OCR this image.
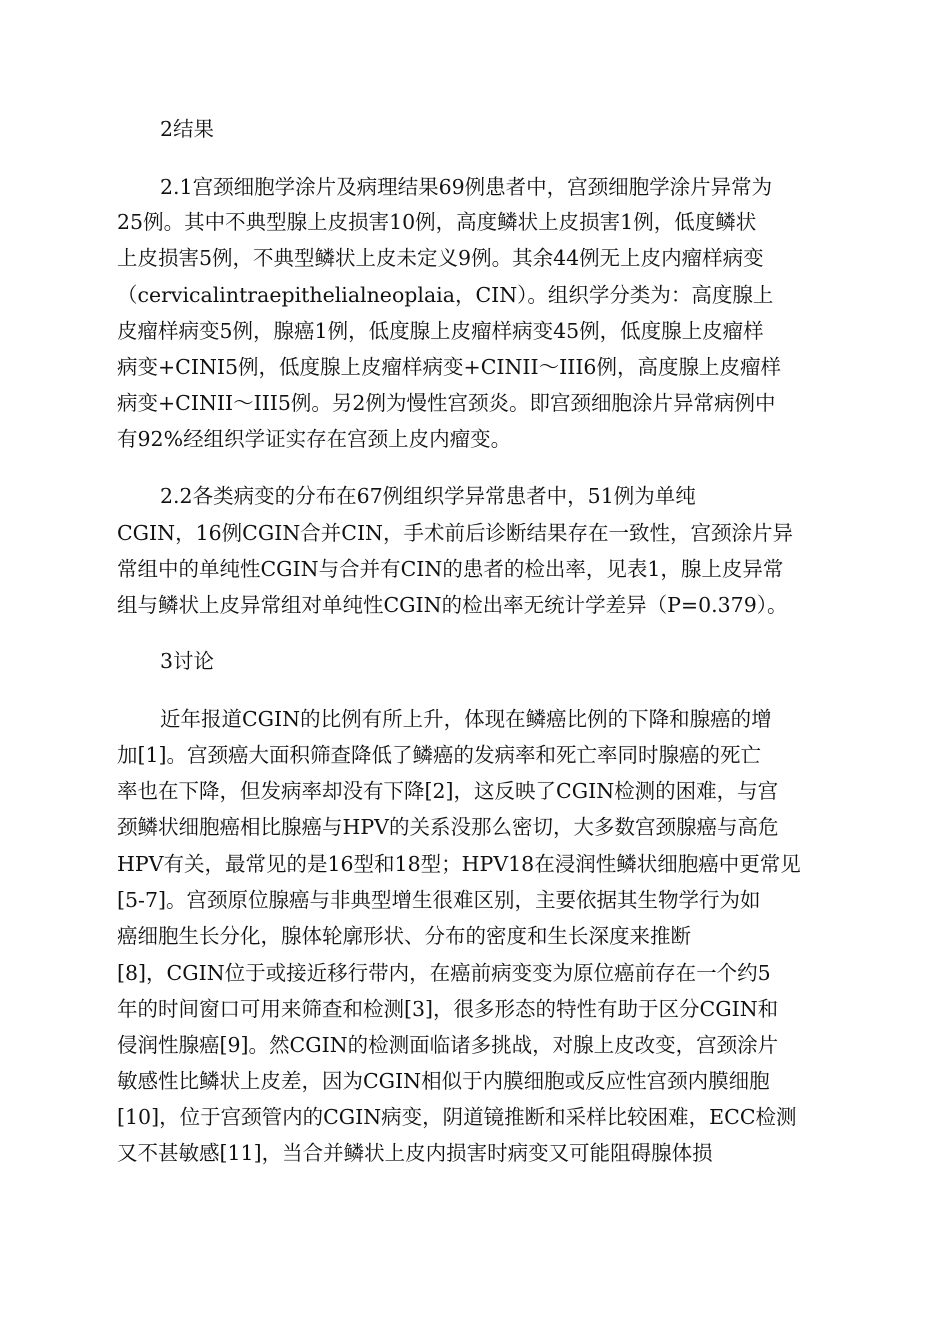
2结果
2.1宫颈细胞学涂片及病理结果69例患者中，宫颈细胞学涂片异常为
25例。其中不典型腺上皮损害10例，高度鳞状上皮损害1例，低度鳞状
上皮损害5例，不典型鳞状上皮未定义9例。其余44例无上皮内瘤样病变
（cervicalintraepithelialneoplaia，CIN）。组织学分类为：高度腺上
皮瘤样病变5例，腺癌1例，低度腺上皮瘤样病变45例，低度腺上皮瘤样
病变+CINI5例，低度腺上皮瘤样病变+CINII～III6例，高度腺上皮瘤样
病变+CINII～III5例。另2例为慢性宫颈炎。即宫颈细胞涂片异常病例中
有92%经组织学证实存在宫颈上皮内瘤变。
2.2各类病变的分布在67例组织学异常患者中，51例为单纯
CGIN，16例CGIN合并CIN，手术前后诊断结果存在一致性，宫颈涂片异
常组中的单纯性CGIN与合并有CIN的患者的检出率，见表1，腺上皮异常
组与鳞状上皮异常组对单纯性CGIN的检出率无统计学差异（P=0.379）。
3讨论
近年报道CGIN的比例有所上升，体现在鳞癌比例的下降和腺癌的增
加[1]。宫颈癌大面积筛查降低了鳞癌的发病率和死亡率同时腺癌的死亡
率也在下降，但发病率却没有下降[2]，这反映了CGIN检测的困难，与宫
颈鳞状细胞癌相比腺癌与HPV的关系没那么密切，大多数宫颈腺癌与高危
HPV有关，最常见的是16型和18型；HPV18在浸润性鳞状细胞癌中更常见
[5-7]。宫颈原位腺癌与非典型增生很难区别，主要依据其生物学行为如
癌细胞生长分化，腺体轮廓形状、分布的密度和生长深度来推断
[8]，CGIN位于或接近移行带内，在癌前病变变为原位癌前存在一个约5
年的时间窗口可用来筛查和检测[3]，很多形态的特性有助于区分CGIN和
侵润性腺癌[9]。然CGIN的检测面临诸多挑战，对腺上皮改变，宫颈涂片
敏感性比鳞状上皮差，因为CGIN相似于内膜细胞或反应性宫颈内膜细胞
[10]，位于宫颈管内的CGIN病变，阴道镜推断和采样比较困难，ECC检测
又不甚敏感[11]，当合并鳞状上皮内损害时病变又可能阻碍腺体损
